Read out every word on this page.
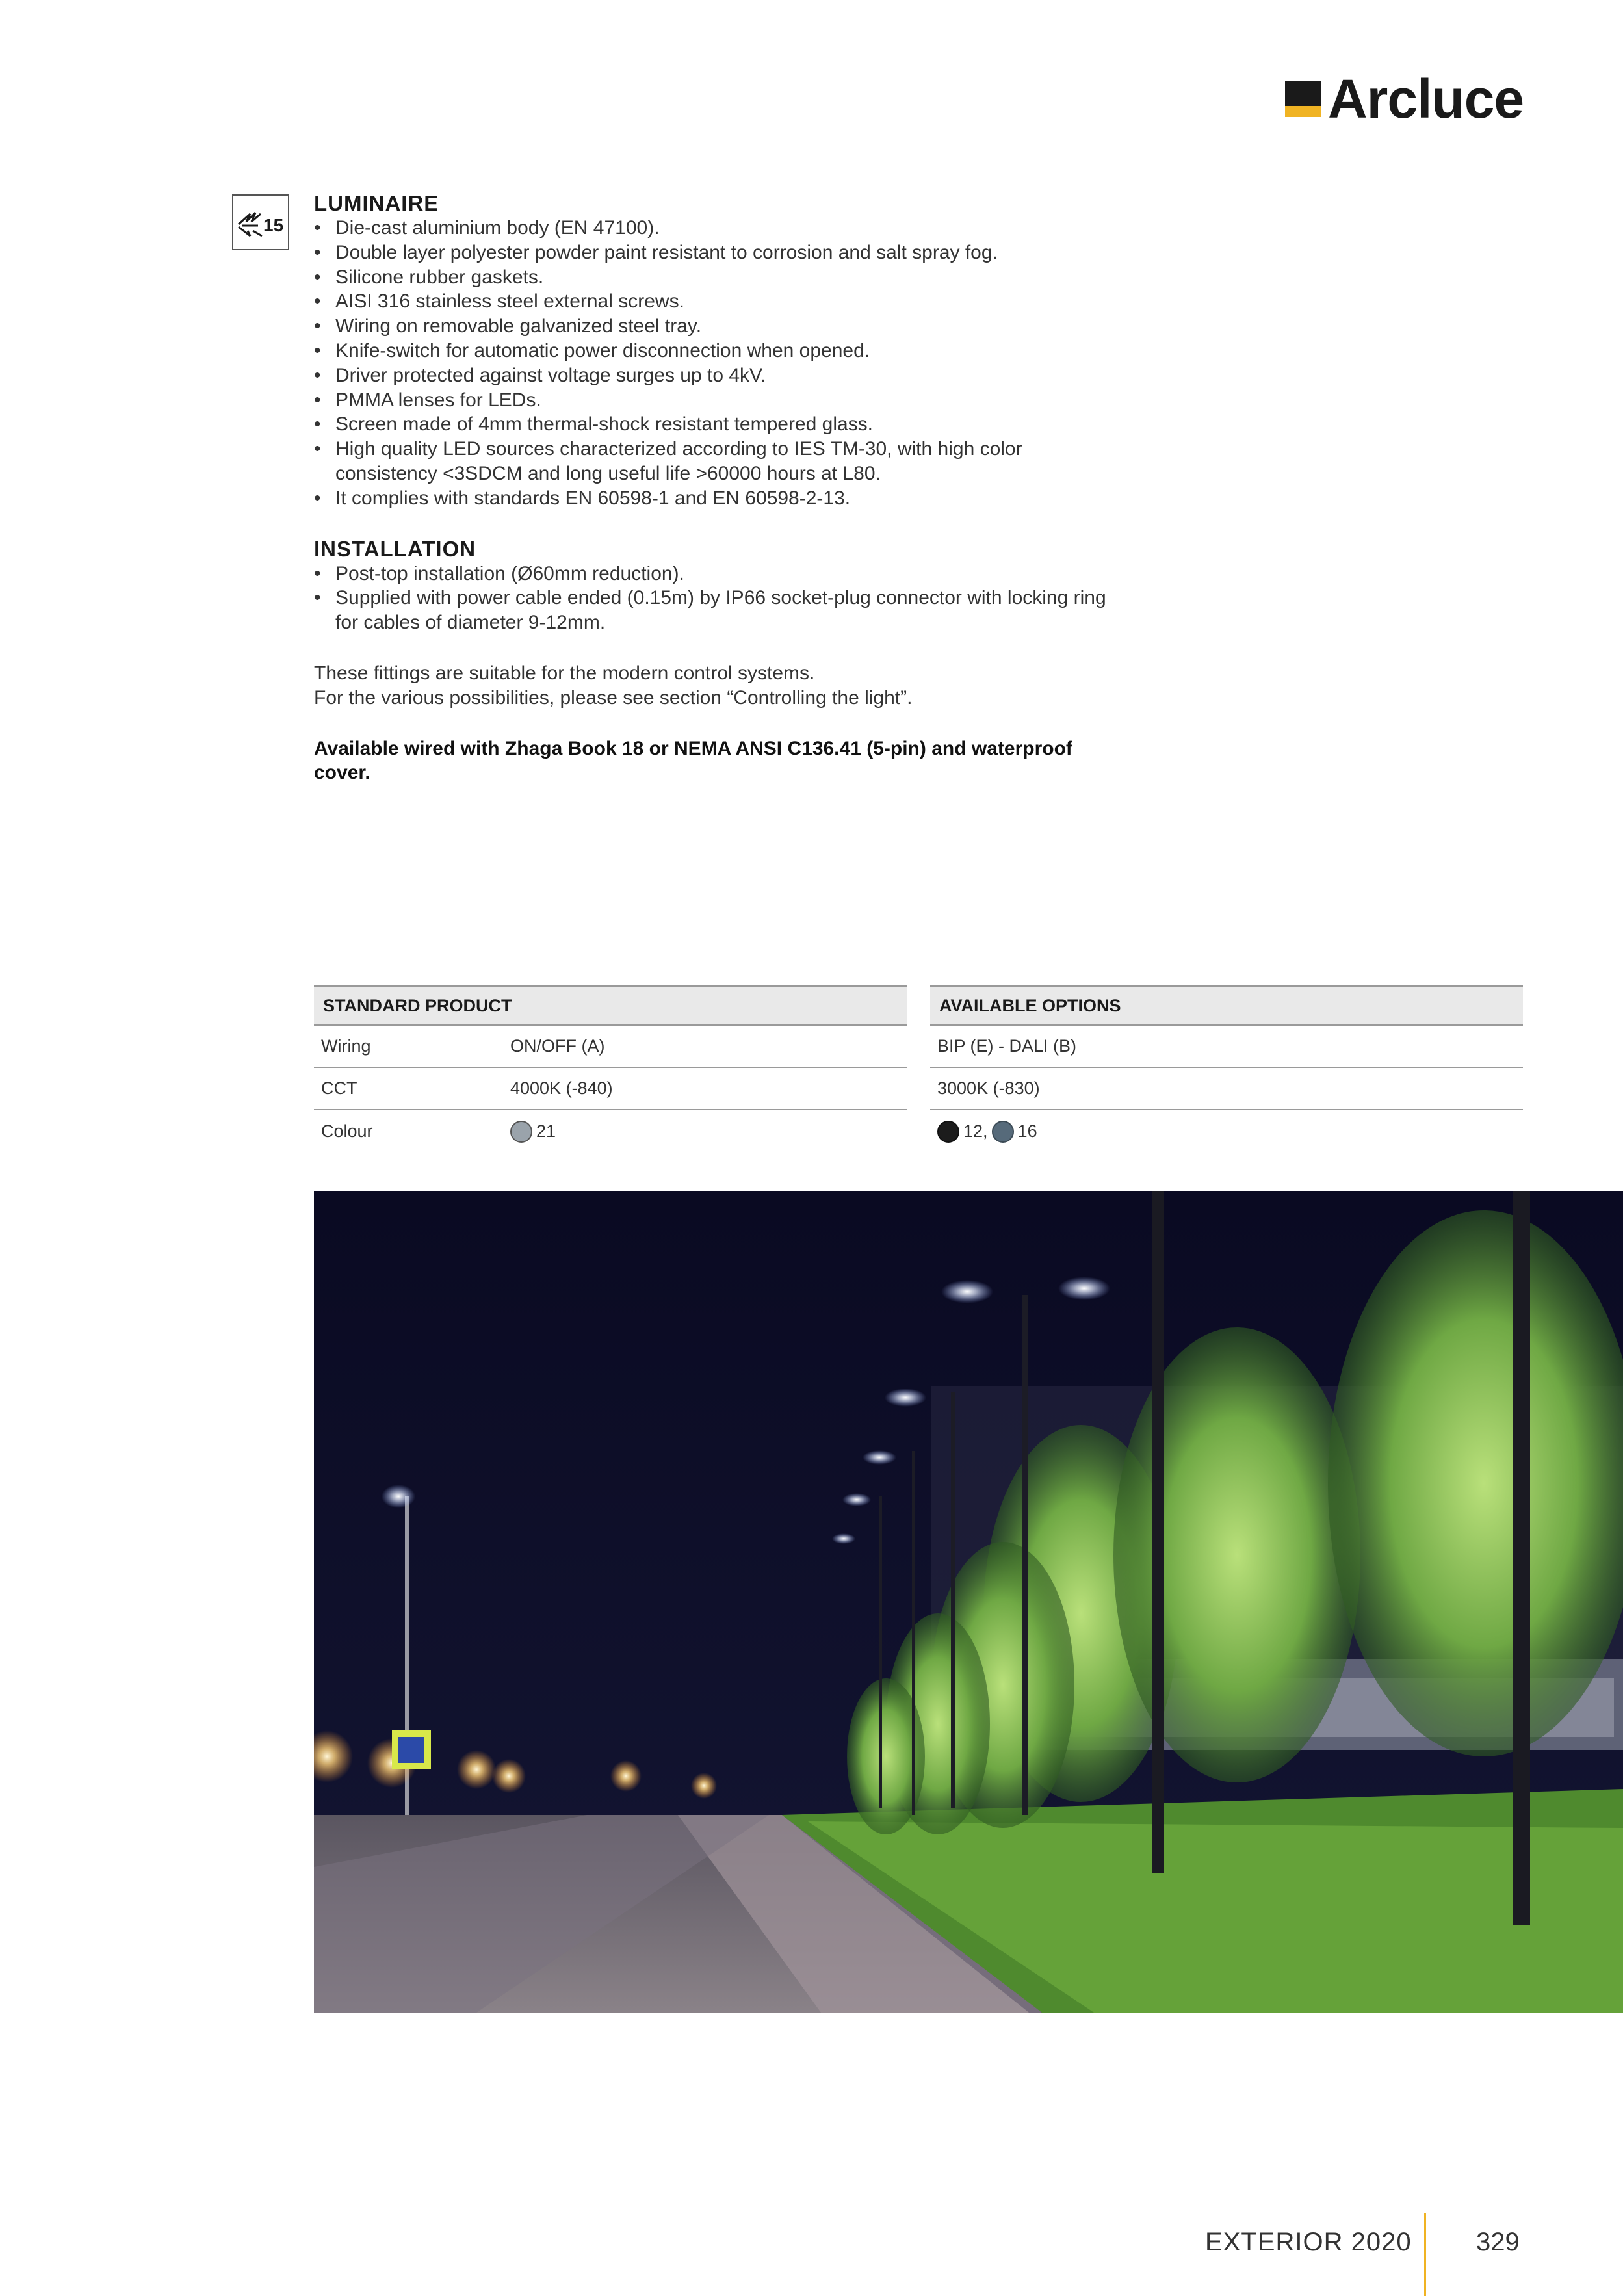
Arcluce
15
LUMINAIRE
• Die-cast aluminium body (EN 47100).
• Double layer polyester powder paint resistant to corrosion and salt spray fog.
• Silicone rubber gaskets.
• AISI 316 stainless steel external screws.
• Wiring on removable galvanized steel tray.
• Knife-switch for automatic power disconnection when opened.
• Driver protected against voltage surges up to 4kV.
• PMMA lenses for LEDs.
• Screen made of 4mm thermal-shock resistant tempered glass.
• High quality LED sources characterized according to IES TM-30, with high color consistency <3SDCM and long useful life >60000 hours at L80.
• It complies with standards EN 60598-1 and EN 60598-2-13.
INSTALLATION
• Post-top installation (Ø60mm reduction).
• Supplied with power cable ended (0.15m) by IP66 socket-plug connector with locking ring for cables of diameter 9-12mm.

These fittings are suitable for the modern control systems.

For the various possibilities, please see section “Controlling the light”.

Available wired with Zhaga Book 18 or NEMA ANSI C136.41 (5-pin) and waterproof cover.

STANDARD PRODUCT
Wiring	ON/OFF (A)
CCT	4000K (-840)
Colour	21
AVAILABLE OPTIONS
BIP (E) - DALI (B)
3000K (-830)
12, 16
EXTERIOR 2020 329
